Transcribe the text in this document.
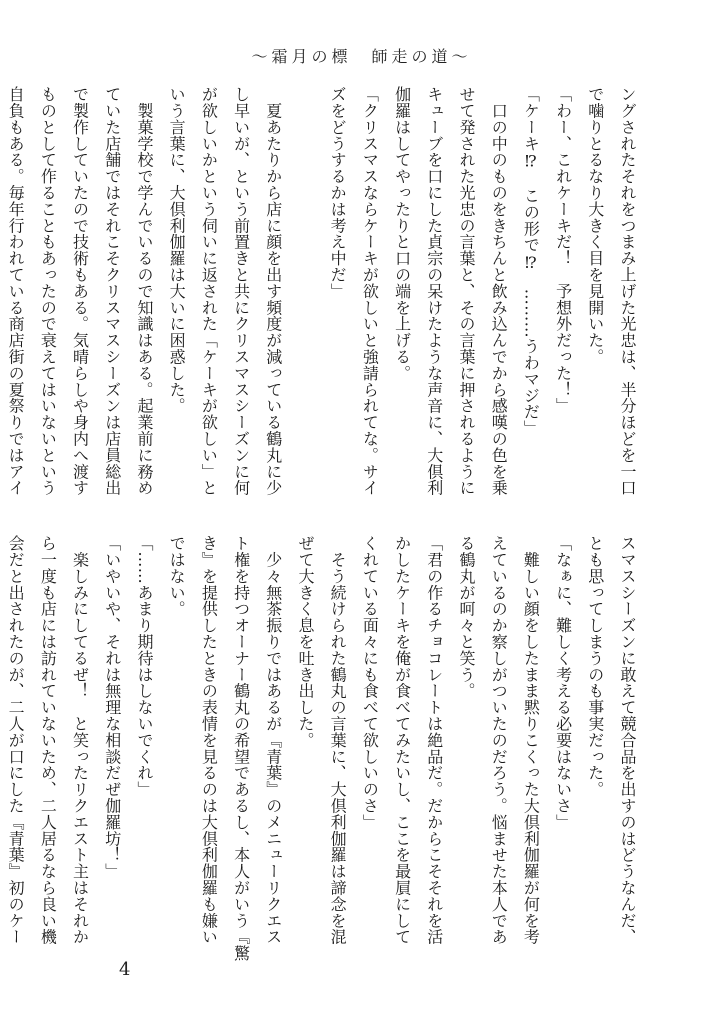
〜霜月の標　師走の道〜
ングされたそれをつまみ上げた光忠は、半分ほどを一口
で噛りとるなり大きく目を見開いた。
「わー、これケーキだ！　予想外だった！」
「ケーキ⁉　この形で⁉　………うわマジだ」
　口の中のものをきちんと飲み込んでから感嘆の色を乗
せて発された光忠の言葉と、その言葉に押されるように
キューブを口にした貞宗の呆けたような声音に、大倶利
伽羅はしてやったりと口の端を上げる。
「クリスマスならケーキが欲しいと強請られてな。サイ
ズをどうするかは考え中だ」

　夏あたりから店に顔を出す頻度が減っている鶴丸に少
し早いが、という前置きと共にクリスマスシーズンに何
が欲しいかという伺いに返された「ケーキが欲しい」と
いう言葉に、大倶利伽羅は大いに困惑した。
　製菓学校で学んでいるので知識はある。起業前に務め
ていた店舗ではそれこそクリスマスシーズンは店員総出
で製作していたので技術もある。気晴らしや身内へ渡す
ものとして作ることもあったので衰えてはいないという
自負もある。毎年行われている商店街の夏祭りではアイ
スマスシーズンに敢えて競合品を出すのはどうなんだ、
とも思ってしまうのも事実だった。
「なぁに、難しく考える必要はないさ」
　難しい顔をしたまま黙りこくった大倶利伽羅が何を考
えているのか察しがついたのだろう。悩ませた本人であ
る鶴丸が呵々と笑う。
「君の作るチョコレートは絶品だ。だからこそそれを活
かしたケーキを俺が食べてみたいし、ここを最屓にして
くれている面々にも食べて欲しいのさ」
　そう続けられた鶴丸の言葉に、大倶利伽羅は諦念を混
ぜて大きく息を吐き出した。
　少々無茶振りではあるが『青葉』のメニューリクエス
ト権を持つオーナー鶴丸の希望であるし、本人がいう『驚
き』を提供したときの表情を見るのは大倶利伽羅も嫌い
ではない。
「……あまり期待はしないでくれ」
「いやいや、それは無理な相談だぜ伽羅坊！」
　楽しみにしてるぜ！　と笑ったリクエスト主はそれか
ら一度も店には訪れていないため、二人居るなら良い機
会だと出されたのが、二人が口にした『青葉』初のケー

4
